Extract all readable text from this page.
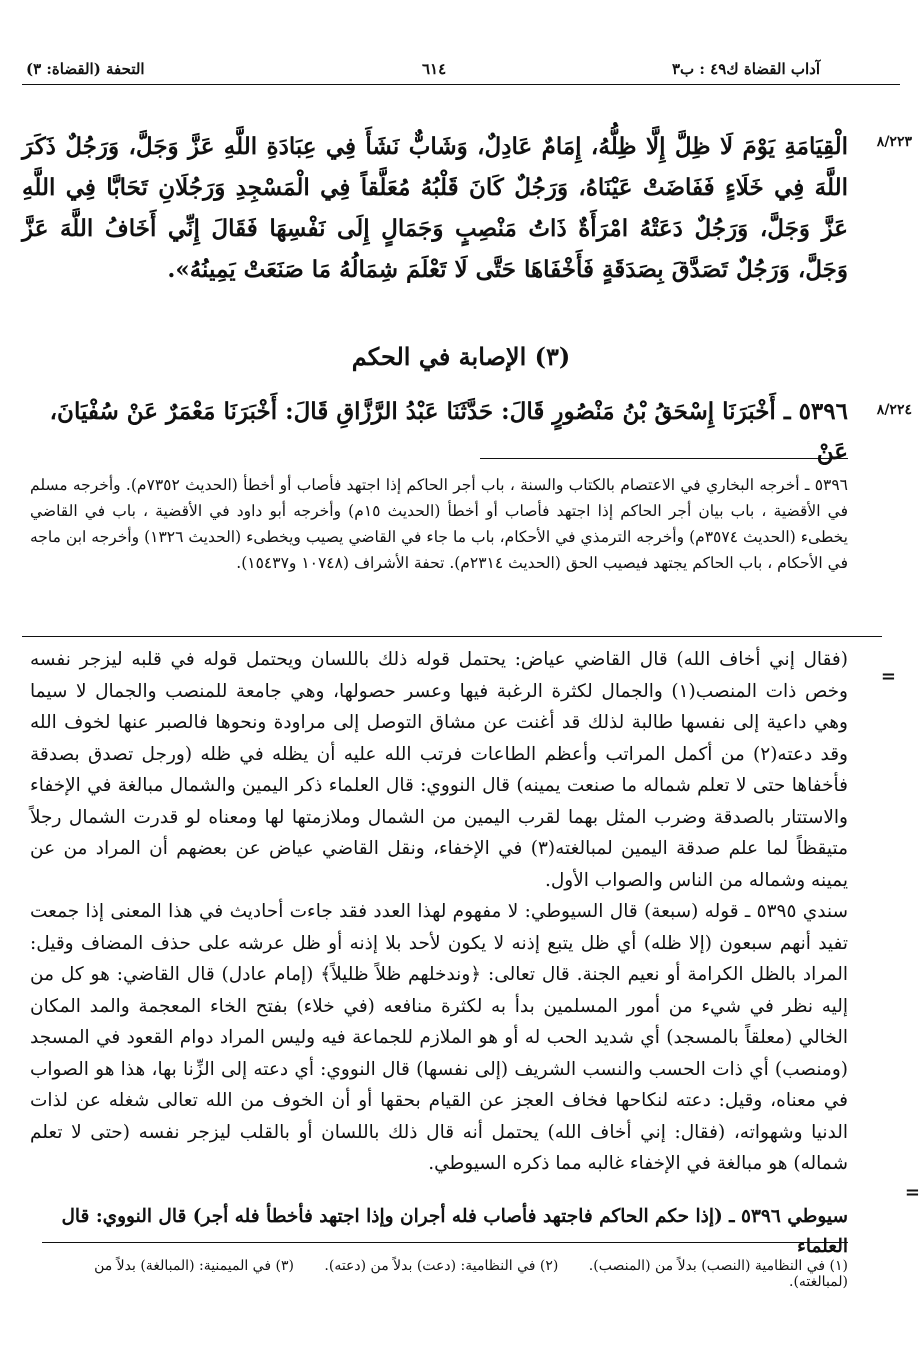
آداب القضاة ك٤٩ : ب٣
٦١٤
التحفة (القضاة: ٣)
٨/٢٢٣
الْقِيَامَةِ يَوْمَ لَا ظِلَّ إِلَّا ظِلُّهُ، إِمَامٌ عَادِلٌ، وَشَابٌّ نَشَأَ فِي عِبَادَةِ اللَّهِ عَزَّ وَجَلَّ، وَرَجُلٌ ذَكَرَ اللَّهَ فِي خَلَاءٍ فَفَاضَتْ عَيْنَاهُ، وَرَجُلٌ كَانَ قَلْبُهُ مُعَلَّقاً فِي الْمَسْجِدِ وَرَجُلَانِ تَحَابَّا فِي اللَّهِ عَزَّ وَجَلَّ، وَرَجُلٌ دَعَتْهُ امْرَأَةٌ ذَاتُ مَنْصِبٍ وَجَمَالٍ إِلَى نَفْسِهَا فَقَالَ إِنِّي أَخَافُ اللَّهَ عَزَّ وَجَلَّ، وَرَجُلٌ تَصَدَّقَ بِصَدَقَةٍ فَأَخْفَاهَا حَتَّى لَا تَعْلَمَ شِمَالُهُ مَا صَنَعَتْ يَمِينُهُ».
(٣) الإصابة في الحكم
٨/٢٢٤
٥٣٩٦ ـ أَخْبَرَنَا إِسْحَقُ بْنُ مَنْصُورٍ قَالَ: حَدَّثَنَا عَبْدُ الرَّزَّاقِ قَالَ: أَخْبَرَنَا مَعْمَرٌ عَنْ سُفْيَانَ، عَنْ
٥٣٩٦ ـ أخرجه البخاري في الاعتصام بالكتاب والسنة ، باب أجر الحاكم إذا اجتهد فأصاب أو أخطأ (الحديث ٧٣٥٢م). وأخرجه مسلم في الأقضية ، باب بيان أجر الحاكم إذا اجتهد فأصاب أو أخطأ (الحديث ١٥م) وأخرجه أبو داود في الأقضية ، باب في القاضي يخطىء (الحديث ٣٥٧٤م) وأخرجه الترمذي في الأحكام، باب ما جاء في القاضي يصيب ويخطىء (الحديث ١٣٢٦) وأخرجه ابن ماجه في الأحكام ، باب الحاكم يجتهد فيصيب الحق (الحديث ٢٣١٤م). تحفة الأشراف (١٠٧٤٨ و١٥٤٣٧).
=

(فقال إني أخاف الله) قال القاضي عياض: يحتمل قوله ذلك باللسان ويحتمل قوله في قلبه ليزجر نفسه وخص ذات المنصب(١) والجمال لكثرة الرغبة فيها وعسر حصولها، وهي جامعة للمنصب والجمال لا سيما وهي داعية إلى نفسها طالبة لذلك قد أغنت عن مشاق التوصل إلى مراودة ونحوها فالصبر عنها لخوف الله وقد دعته(٢) من أكمل المراتب وأعظم الطاعات فرتب الله عليه أن يظله في ظله (ورجل تصدق بصدقة فأخفاها حتى لا تعلم شماله ما صنعت يمينه) قال النووي: قال العلماء ذكر اليمين والشمال مبالغة في الإخفاء والاستتار بالصدقة وضرب المثل بهما لقرب اليمين من الشمال وملازمتها لها ومعناه لو قدرت الشمال رجلاً متيقظاً لما علم صدقة اليمين لمبالغته(٣) في الإخفاء، ونقل القاضي عياض عن بعضهم أن المراد من عن يمينه وشماله من الناس والصواب الأول.

سندي ٥٣٩٥ ـ قوله (سبعة) قال السيوطي: لا مفهوم لهذا العدد فقد جاءت أحاديث في هذا المعنى إذا جمعت تفيد أنهم سبعون (إلا ظله) أي ظل يتبع إذنه لا يكون لأحد بلا إذنه أو ظل عرشه على حذف المضاف وقيل: المراد بالظل الكرامة أو نعيم الجنة. قال تعالى: ﴿وندخلهم ظلاً ظليلاً﴾ (إمام عادل) قال القاضي: هو كل من إليه نظر في شيء من أمور المسلمين بدأ به لكثرة منافعه (في خلاء) بفتح الخاء المعجمة والمد المكان الخالي (معلقاً بالمسجد) أي شديد الحب له أو هو الملازم للجماعة فيه وليس المراد دوام القعود في المسجد (ومنصب) أي ذات الحسب والنسب الشريف (إلى نفسها) قال النووي: أي دعته إلى الزِّنا بها، هذا هو الصواب في معناه، وقيل: دعته لنكاحها فخاف العجز عن القيام بحقها أو أن الخوف من الله تعالى شغله عن لذات الدنيا وشهواته، (فقال: إني أخاف الله) يحتمل أنه قال ذلك باللسان أو بالقلب ليزجر نفسه (حتى لا تعلم شماله) هو مبالغة في الإخفاء غالبه مما ذكره السيوطي.

=
سيوطي ٥٣٩٦ ـ (إذا حكم الحاكم فاجتهد فأصاب فله أجران وإذا اجتهد فأخطأ فله أجر) قال النووي: قال العلماء
(١) في النظامية (النصب) بدلاً من (المنصب). (٢) في النظامية: (دعت) بدلاً من (دعته). (٣) في الميمنية: (المبالغة) بدلاً من (لمبالغته).
